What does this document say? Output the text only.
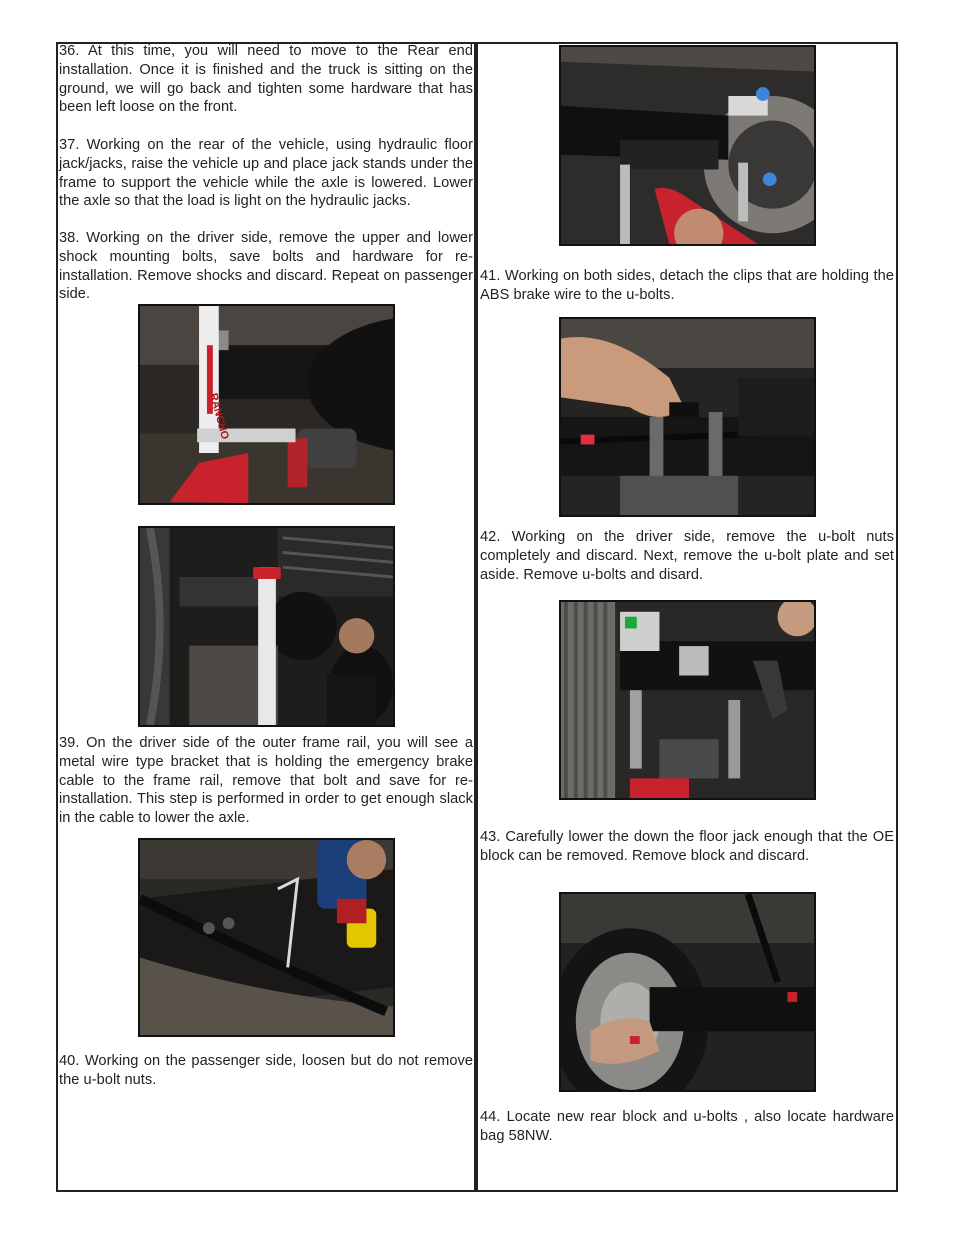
36. At this time, you will need to move to the Rear end installation. Once it is finished and the truck is sitting on the ground, we will go back and tighten some hardware that has been left loose on the front.

37. Working on the rear of the vehicle, using hydraulic floor jack/jacks, raise the vehicle up and place jack stands under the frame to support the vehicle while the axle is lowered. Lower the axle so that the load is light on the hydraulic jacks.

38. Working on the driver side, remove the upper and lower shock mounting bolts, save bolts and hardware for re-installation. Remove shocks and discard. Repeat on passenger side.

RANCHO

39. On the driver side of the outer frame rail, you will see a metal wire type bracket that is holding the emergency brake cable to the frame rail, remove that bolt and save for re-installation. This step is performed in order to get enough slack in the cable to lower the axle.

40. Working on the passenger side, loosen but do not remove the u-bolt nuts.

41. Working on both sides, detach the clips that are holding the ABS brake wire to the u-bolts.

42. Working on the driver side, remove the u-bolt nuts completely and discard. Next, remove the u-bolt plate and set aside. Remove u-bolts and disard.

43. Carefully lower the down the floor jack enough that the OE block can be removed. Remove block and discard.

44. Locate new rear block and u-bolts , also locate hardware bag 58NW.
